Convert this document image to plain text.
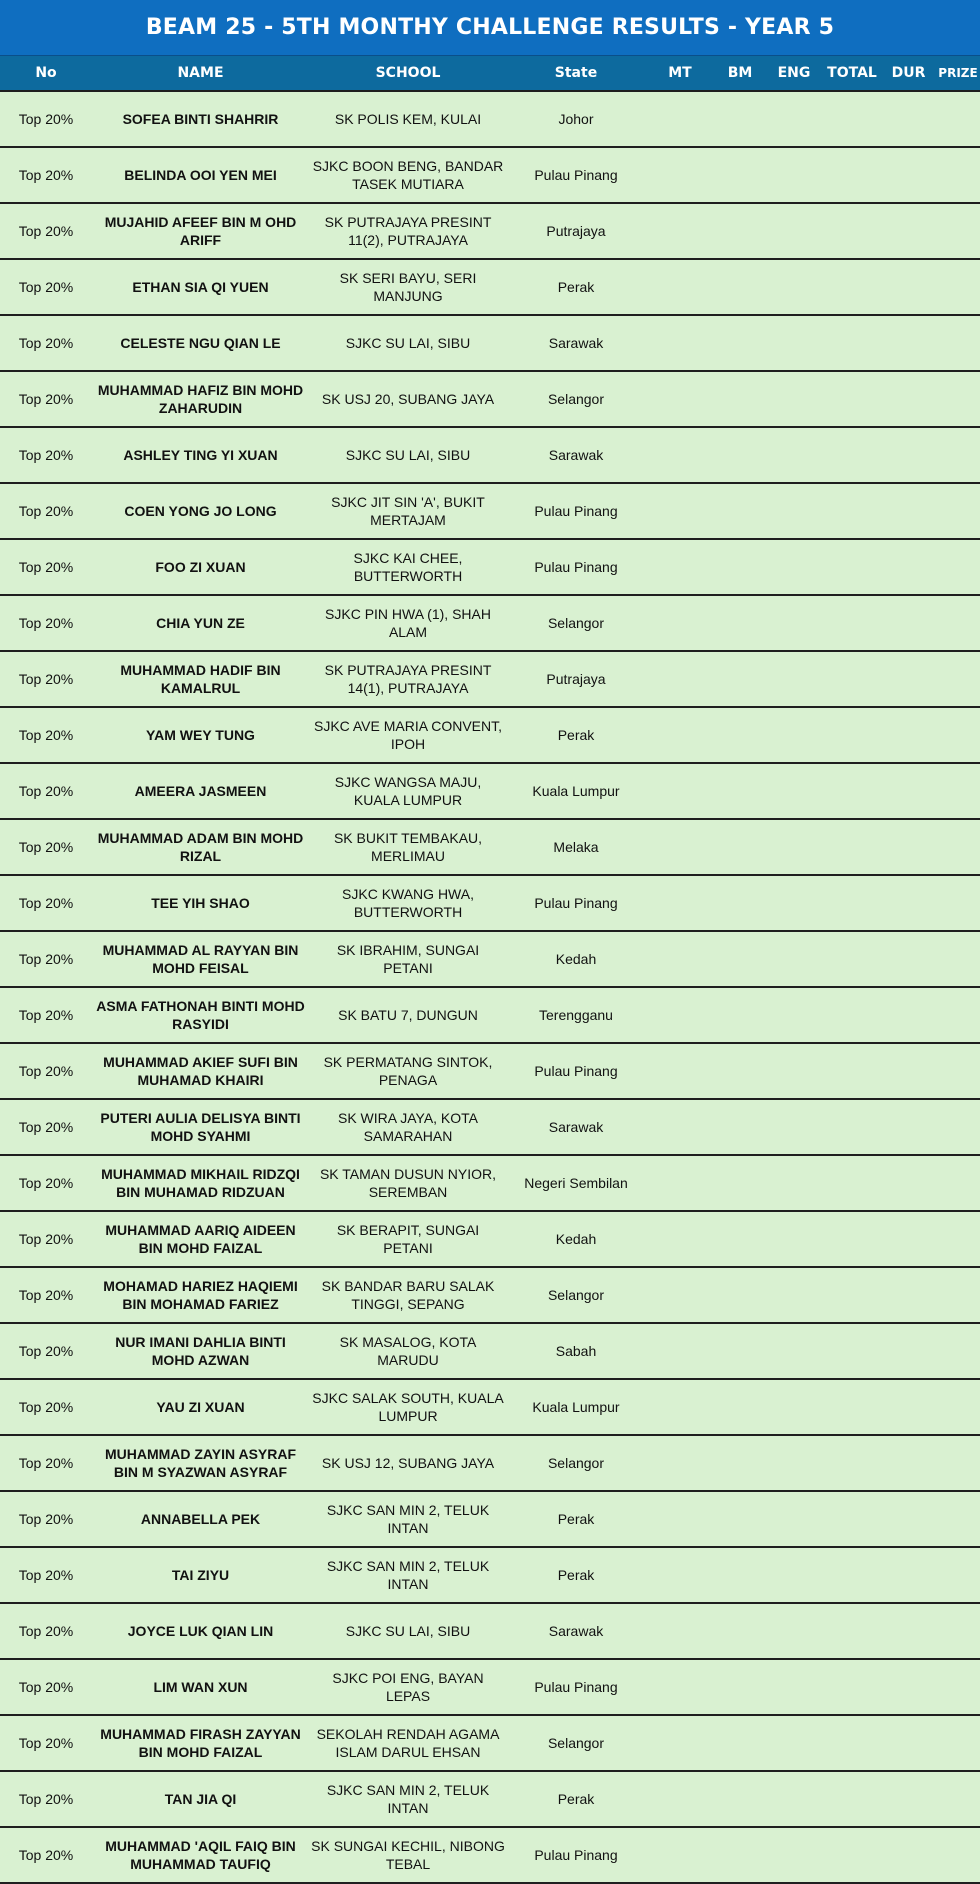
BEAM 25 - 5TH MONTHY CHALLENGE RESULTS - YEAR 5
No	NAME	SCHOOL	State	MT	BM	ENG	TOTAL	DUR	PRIZE
Top 20%	SOFEA BINTI SHAHRIR	SK POLIS KEM, KULAI	Johor						
Top 20%	BELINDA OOI YEN MEI	SJKC BOON BENG, BANDAR TASEK MUTIARA	Pulau Pinang						
Top 20%	MUJAHID AFEEF BIN M OHD ARIFF	SK PUTRAJAYA PRESINT 11(2), PUTRAJAYA	Putrajaya						
Top 20%	ETHAN SIA QI YUEN	SK SERI BAYU, SERI MANJUNG	Perak						
Top 20%	CELESTE NGU QIAN LE	SJKC SU LAI, SIBU	Sarawak						
Top 20%	MUHAMMAD HAFIZ BIN MOHD ZAHARUDIN	SK USJ 20, SUBANG JAYA	Selangor						
Top 20%	ASHLEY TING YI XUAN	SJKC SU LAI, SIBU	Sarawak						
Top 20%	COEN YONG JO LONG	SJKC JIT SIN 'A', BUKIT MERTAJAM	Pulau Pinang						
Top 20%	FOO ZI XUAN	SJKC KAI CHEE, BUTTERWORTH	Pulau Pinang						
Top 20%	CHIA YUN ZE	SJKC PIN HWA (1), SHAH ALAM	Selangor						
Top 20%	MUHAMMAD HADIF BIN KAMALRUL	SK PUTRAJAYA PRESINT 14(1), PUTRAJAYA	Putrajaya						
Top 20%	YAM WEY TUNG	SJKC AVE MARIA CONVENT, IPOH	Perak						
Top 20%	AMEERA JASMEEN	SJKC WANGSA MAJU, KUALA LUMPUR	Kuala Lumpur						
Top 20%	MUHAMMAD ADAM BIN MOHD RIZAL	SK BUKIT TEMBAKAU, MERLIMAU	Melaka						
Top 20%	TEE YIH SHAO	SJKC KWANG HWA, BUTTERWORTH	Pulau Pinang						
Top 20%	MUHAMMAD AL RAYYAN BIN MOHD FEISAL	SK IBRAHIM, SUNGAI PETANI	Kedah						
Top 20%	ASMA FATHONAH BINTI MOHD RASYIDI	SK BATU 7, DUNGUN	Terengganu						
Top 20%	MUHAMMAD AKIEF SUFI BIN MUHAMAD KHAIRI	SK PERMATANG SINTOK, PENAGA	Pulau Pinang						
Top 20%	PUTERI AULIA DELISYA BINTI MOHD SYAHMI	SK WIRA JAYA, KOTA SAMARAHAN	Sarawak						
Top 20%	MUHAMMAD MIKHAIL RIDZQI BIN MUHAMAD RIDZUAN	SK TAMAN DUSUN NYIOR, SEREMBAN	Negeri Sembilan						
Top 20%	MUHAMMAD AARIQ AIDEEN BIN MOHD FAIZAL	SK BERAPIT, SUNGAI PETANI	Kedah						
Top 20%	MOHAMAD HARIEZ HAQIEMI BIN MOHAMAD FARIEZ	SK BANDAR BARU SALAK TINGGI, SEPANG	Selangor						
Top 20%	NUR IMANI DAHLIA BINTI MOHD AZWAN	SK MASALOG, KOTA MARUDU	Sabah						
Top 20%	YAU ZI XUAN	SJKC SALAK SOUTH, KUALA LUMPUR	Kuala Lumpur						
Top 20%	MUHAMMAD ZAYIN ASYRAF BIN M SYAZWAN ASYRAF	SK USJ 12, SUBANG JAYA	Selangor						
Top 20%	ANNABELLA PEK	SJKC SAN MIN 2, TELUK INTAN	Perak						
Top 20%	TAI ZIYU	SJKC SAN MIN 2, TELUK INTAN	Perak						
Top 20%	JOYCE LUK QIAN LIN	SJKC SU LAI, SIBU	Sarawak						
Top 20%	LIM WAN XUN	SJKC POI ENG, BAYAN LEPAS	Pulau Pinang						
Top 20%	MUHAMMAD FIRASH ZAYYAN BIN MOHD FAIZAL	SEKOLAH RENDAH AGAMA ISLAM DARUL EHSAN	Selangor						
Top 20%	TAN JIA QI	SJKC SAN MIN 2, TELUK INTAN	Perak						
Top 20%	MUHAMMAD 'AQIL FAIQ BIN MUHAMMAD TAUFIQ	SK SUNGAI KECHIL, NIBONG TEBAL	Pulau Pinang						
